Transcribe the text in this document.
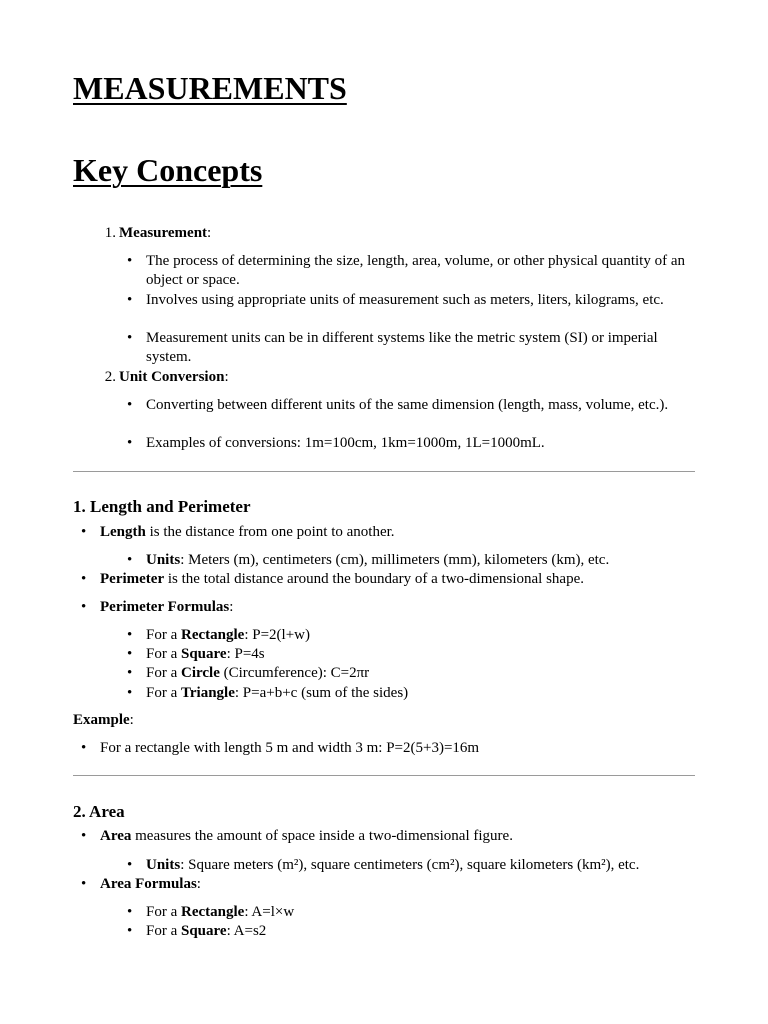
MEASUREMENTS
Key Concepts
1. Measurement:
• The process of determining the size, length, area, volume, or other physical quantity of an object or space.
• Involves using appropriate units of measurement such as meters, liters, kilograms, etc.
• Measurement units can be in different systems like the metric system (SI) or imperial system.
2. Unit Conversion:
• Converting between different units of the same dimension (length, mass, volume, etc.).
• Examples of conversions: 1m=100cm, 1km=1000m, 1L=1000mL.
1. Length and Perimeter
• Length is the distance from one point to another.
• Units: Meters (m), centimeters (cm), millimeters (mm), kilometers (km), etc.
• Perimeter is the total distance around the boundary of a two-dimensional shape.
• Perimeter Formulas:
• For a Rectangle: P=2(l+w)
• For a Square: P=4s
• For a Circle (Circumference): C=2πr
• For a Triangle: P=a+b+c (sum of the sides)
Example:
• For a rectangle with length 5 m and width 3 m: P=2(5+3)=16m
2. Area
• Area measures the amount of space inside a two-dimensional figure.
• Units: Square meters (m²), square centimeters (cm²), square kilometers (km²), etc.
• Area Formulas:
• For a Rectangle: A=l×w
• For a Square: A=s2
